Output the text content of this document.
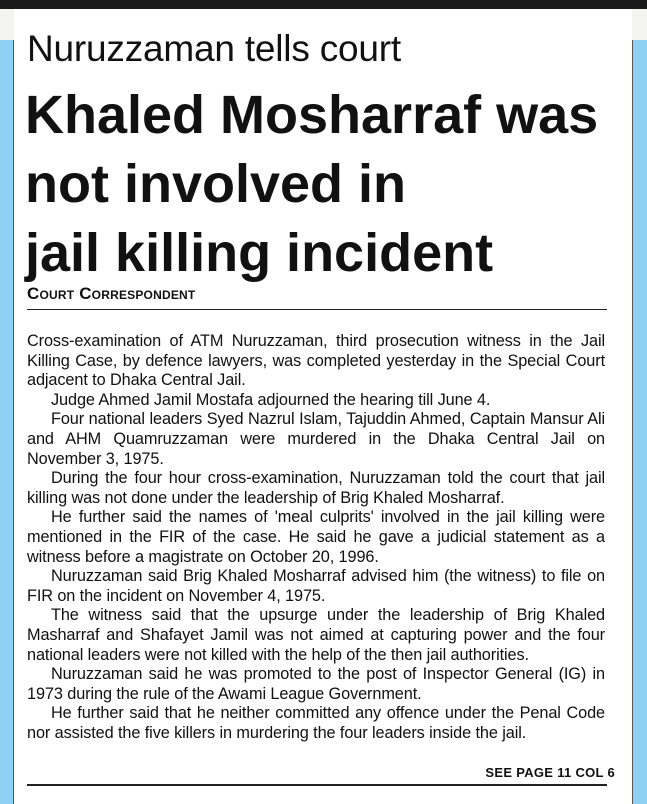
Nuruzzaman tells court
Khaled Mosharraf was
not involved in
jail killing incident
Court Correspondent

Cross-examination of ATM Nuruzzaman, third prosecution witness in the Jail Killing Case, by defence lawyers, was completed yesterday in the Special Court adjacent to Dhaka Central Jail.

Judge Ahmed Jamil Mostafa adjourned the hearing till June 4.

Four national leaders Syed Nazrul Islam, Tajuddin Ahmed, Captain Mansur Ali and AHM Quamruzzaman were murdered in the Dhaka Central Jail on November 3, 1975.

During the four hour cross-examination, Nuruzzaman told the court that jail killing was not done under the leadership of Brig Khaled Mosharraf.

He further said the names of 'meal culprits' involved in the jail killing were mentioned in the FIR of the case. He said he gave a judicial statement as a witness before a magistrate on October 20, 1996.

Nuruzzaman said Brig Khaled Mosharraf advised him (the witness) to file on FIR on the incident on November 4, 1975.

The witness said that the upsurge under the leadership of Brig Khaled Masharraf and Shafayet Jamil was not aimed at capturing power and the four national leaders were not killed with the help of the then jail authorities.

Nuruzzaman said he was promoted to the post of Inspector General (IG) in 1973 during the rule of the Awami League Government.

He further said that he neither committed any offence under the Penal Code nor assisted the five killers in murdering the four leaders inside the jail.

SEE PAGE 11 COL 6
